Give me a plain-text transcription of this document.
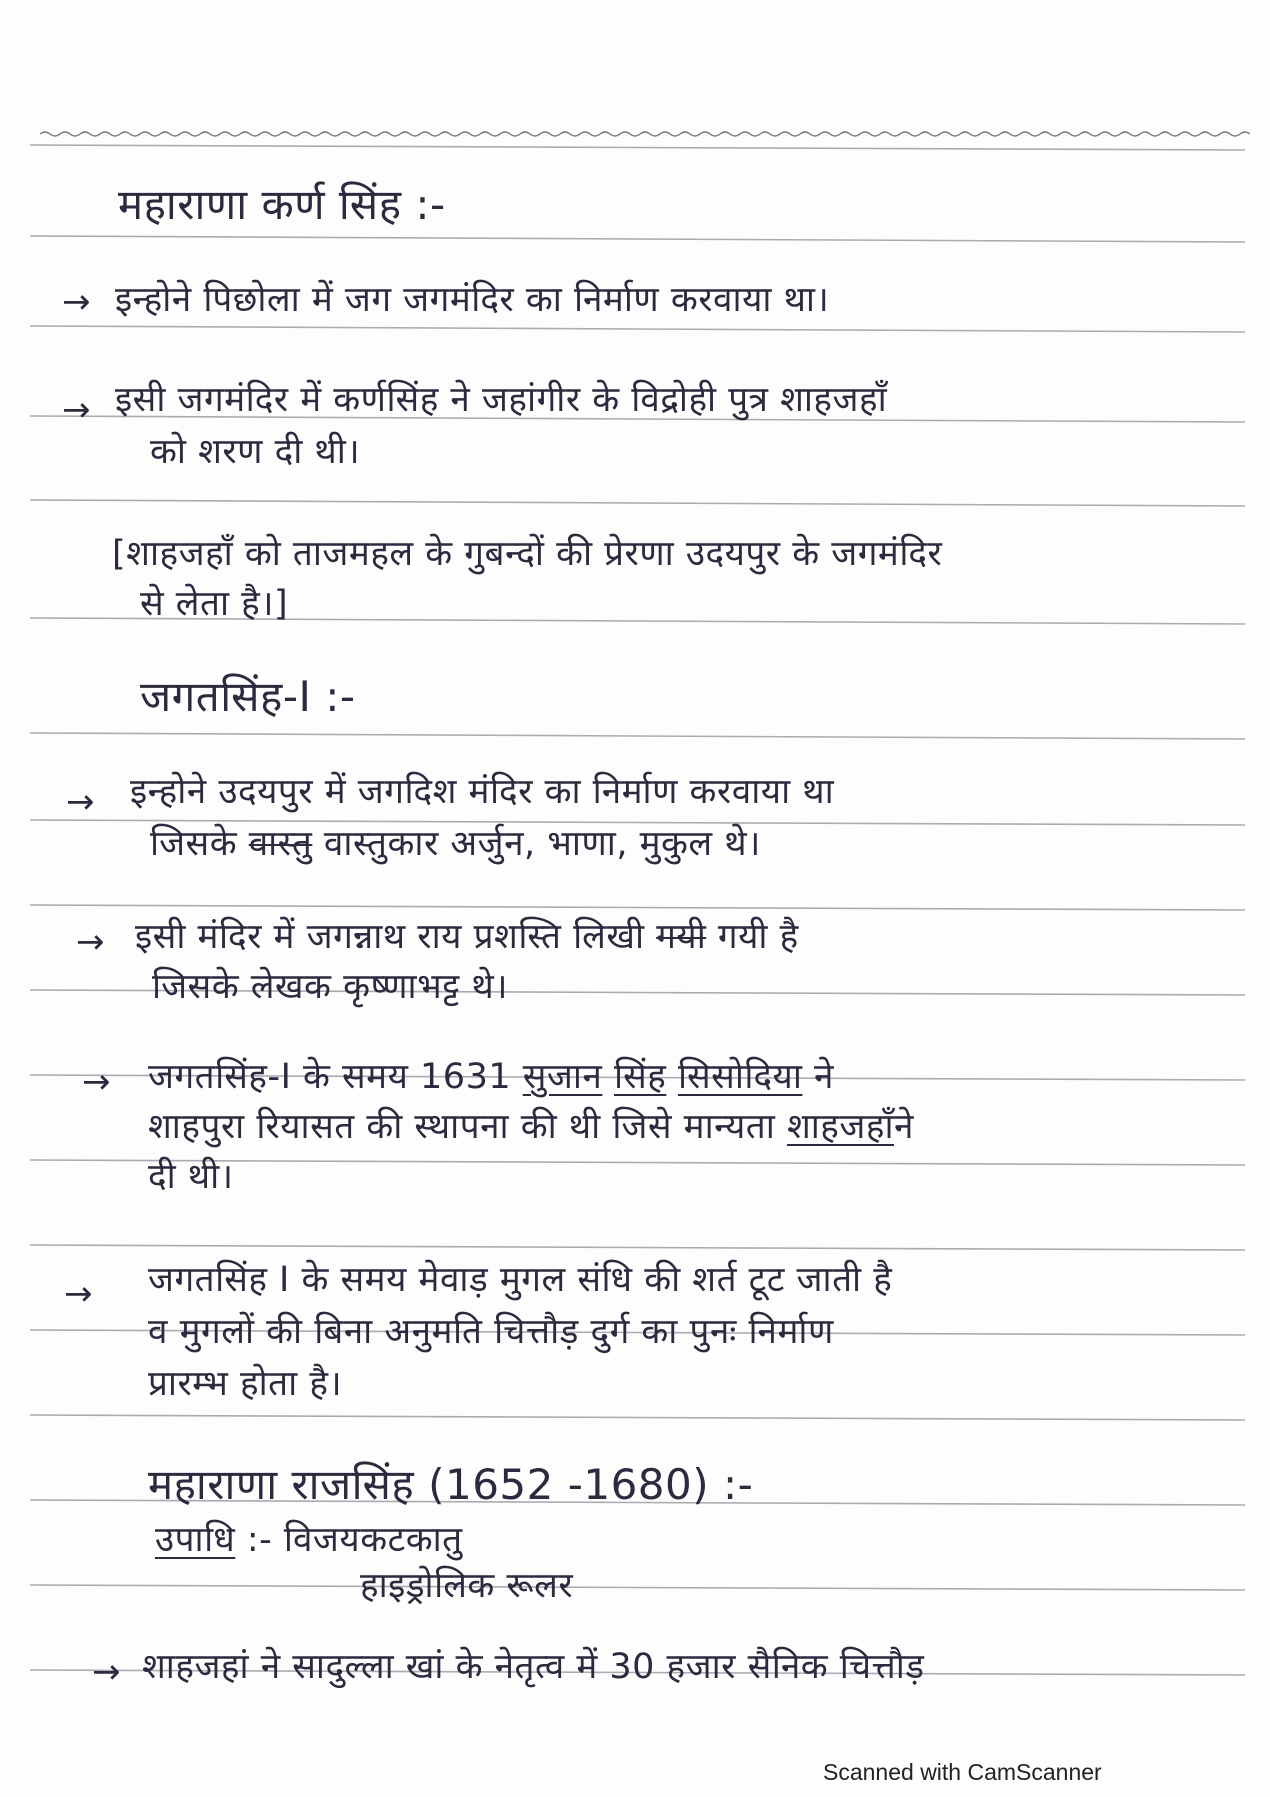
महाराणा कर्ण सिंह :-
→ इन्होने पिछोला में जग जगमंदिर का निर्माण करवाया था।
→ इसी जगमंदिर में कर्णसिंह ने जहांगीर के विद्रोही पुत्र शाहजहाँ
को शरण दी थी।
[शाहजहाँ को ताजमहल के गुबन्दों की प्रेरणा उदयपुर के जगमंदिर
से लेता है।]
जगतसिंह-I :-
→ इन्होने उदयपुर में जगदिश मंदिर का निर्माण करवाया था
जिसके वास्तु वास्तुकार अर्जुन, भाणा, मुकुल थे।
→ इसी मंदिर में जगन्नाथ राय प्रशस्ति लिखी गयी गयी है
जिसके लेखक कृष्णाभट्ट थे।
→ जगतसिंह-I के समय 1631 सुजान सिंह सिसोदिया ने
शाहपुरा रियासत की स्थापना की थी जिसे मान्यता शाहजहाँने
दी थी।
→ जगतसिंह I के समय मेवाड़ मुगल संधि की शर्त टूट जाती है
व मुगलों की बिना अनुमति चित्तौड़ दुर्ग का पुनः निर्माण
प्रारम्भ होता है।
महाराणा राजसिंह (1652 -1680) :-
उपाधि :- विजयकटकातु
हाइड्रोलिक रूलर
→ शाहजहां ने सादुल्ला खां के नेतृत्व में 30 हजार सैनिक चित्तौड़
Scanned with CamScanner
